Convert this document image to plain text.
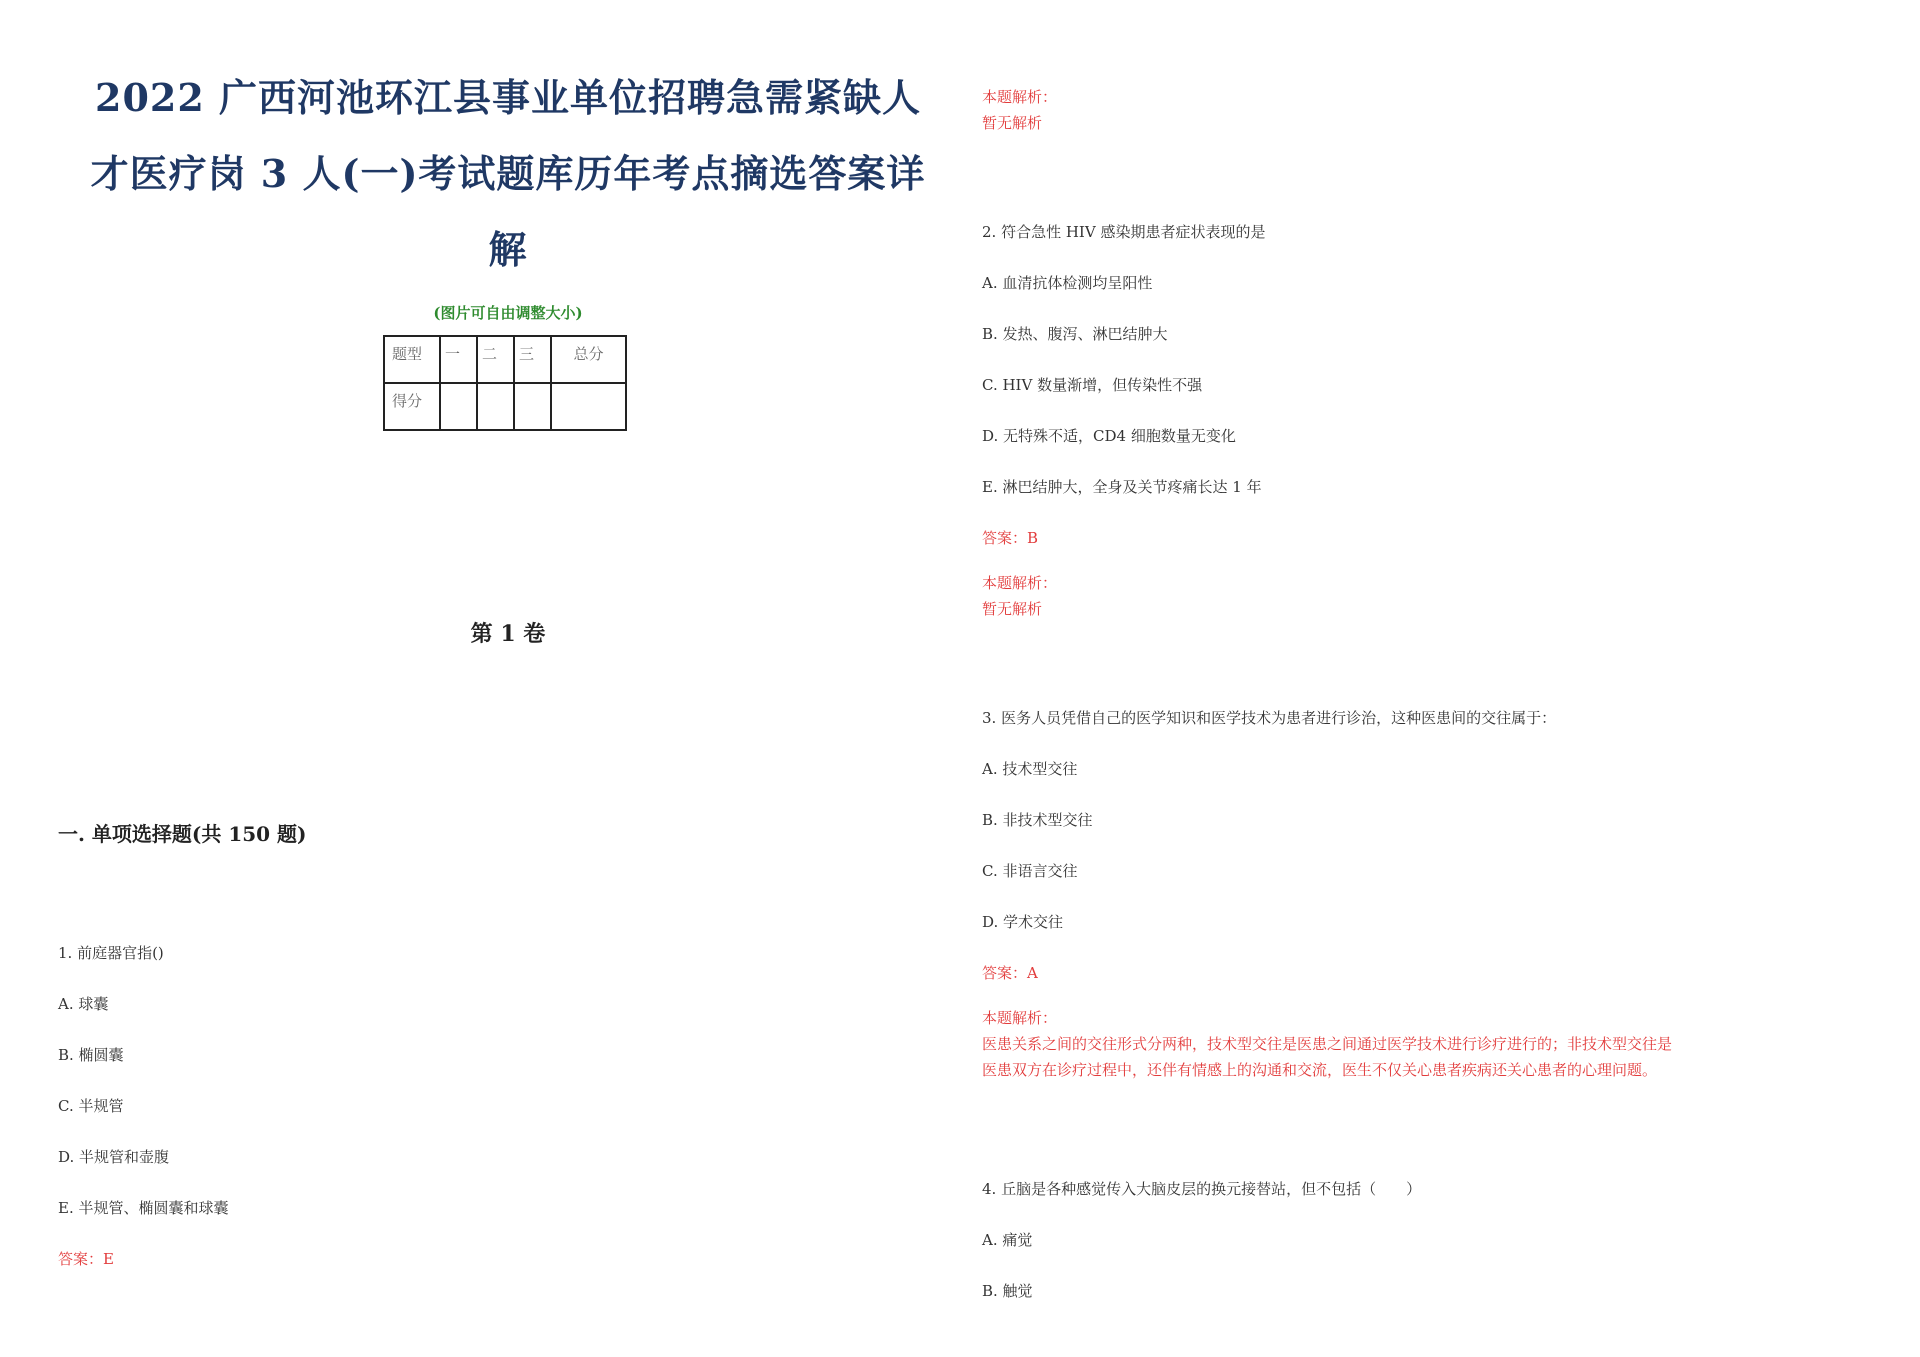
2022 广西河池环江县事业单位招聘急需紧缺人
才医疗岗 3 人(一)考试题库历年考点摘选答案详
解
(图片可自由调整大小)
题型	一	二	三	总分
得分				
第 1 卷
一. 单项选择题(共 150 题)

1. 前庭器官指()

A. 球囊

B. 椭圆囊

C. 半规管

D. 半规管和壶腹

E. 半规管、椭圆囊和球囊

答案：E
本题解析：
暂无解析

2. 符合急性 HIV 感染期患者症状表现的是

A. 血清抗体检测均呈阳性

B. 发热、腹泻、淋巴结肿大

C. HIV 数量渐增，但传染性不强

D. 无特殊不适，CD4 细胞数量无变化

E. 淋巴结肿大，全身及关节疼痛长达 1 年

答案：B
本题解析：
暂无解析

3. 医务人员凭借自己的医学知识和医学技术为患者进行诊治，这种医患间的交往属于：

A. 技术型交往

B. 非技术型交往

C. 非语言交往

D. 学术交往

答案：A
本题解析：
医患关系之间的交往形式分两种，技术型交往是医患之间通过医学技术进行诊疗进行的；非技术型交往是
医患双方在诊疗过程中，还伴有情感上的沟通和交流，医生不仅关心患者疾病还关心患者的心理问题。

4. 丘脑是各种感觉传入大脑皮层的换元接替站，但不包括（　　）

A. 痛觉

B. 触觉
